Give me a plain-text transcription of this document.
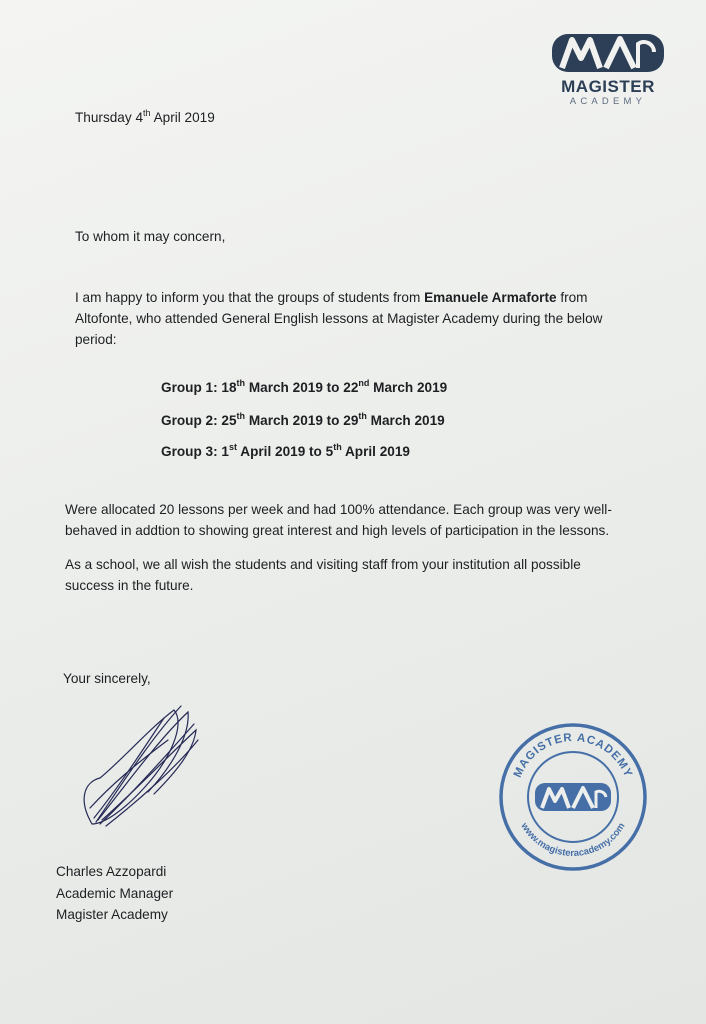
MAGISTER
ACADEMY
Thursday 4th April 2019
To whom it may concern,
I am happy to inform you that the groups of students from Emanuele Armaforte from
Altofonte, who attended General English lessons at Magister Academy during the below
period:
Group 1: 18th March 2019 to 22nd March 2019
Group 2: 25th March 2019 to 29th March 2019
Group 3: 1st April 2019 to 5th April 2019
Were allocated 20 lessons per week and had 100% attendance. Each group was very well-
behaved in addtion to showing great interest and high levels of participation in the lessons.
As a school, we all wish the students and visiting staff from your institution all possible
success in the future.
Your sincerely,
Charles Azzopardi
Academic Manager
Magister Academy
MAGISTER ACADEMY
www.magisteracademy.com
